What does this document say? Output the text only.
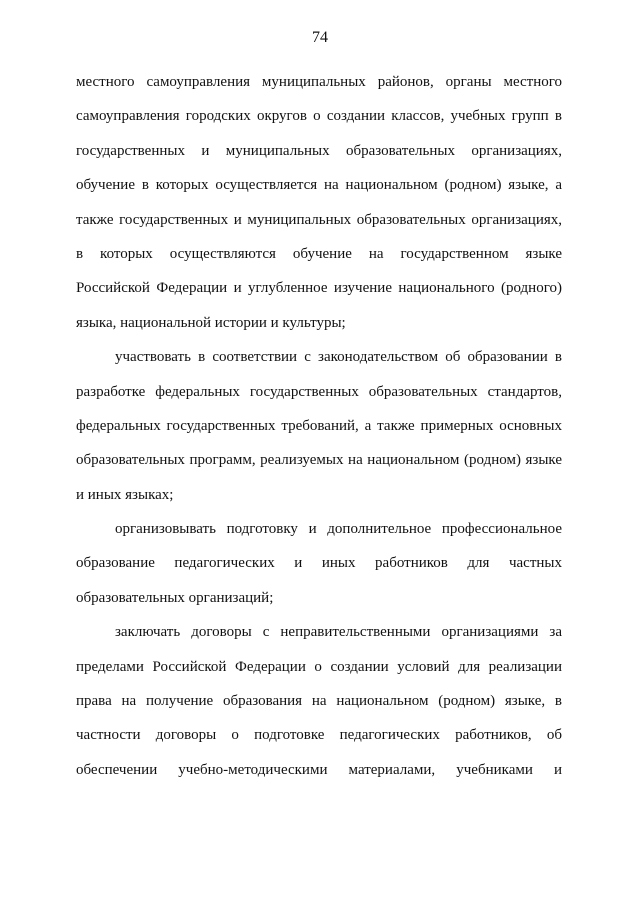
74
местного самоуправления муниципальных районов, органы местного
самоуправления городских округов о создании классов, учебных групп в
государственных и муниципальных образовательных организациях,
обучение в которых осуществляется на национальном (родном) языке, а
также государственных и муниципальных образовательных организациях,
в которых осуществляются обучение на государственном языке
Российской Федерации и углубленное изучение национального (родного)
языка, национальной истории и культуры;
участвовать в соответствии с законодательством об образовании в
разработке федеральных государственных образовательных стандартов,
федеральных государственных требований, а также примерных основных
образовательных программ, реализуемых на национальном (родном) языке
и иных языках;
организовывать подготовку и дополнительное профессиональное
образование педагогических и иных работников для частных
образовательных организаций;
заключать договоры с неправительственными организациями за
пределами Российской Федерации о создании условий для реализации
права на получение образования на национальном (родном) языке, в
частности договоры о подготовке педагогических работников, об
обеспечении учебно-методическими материалами, учебниками и
